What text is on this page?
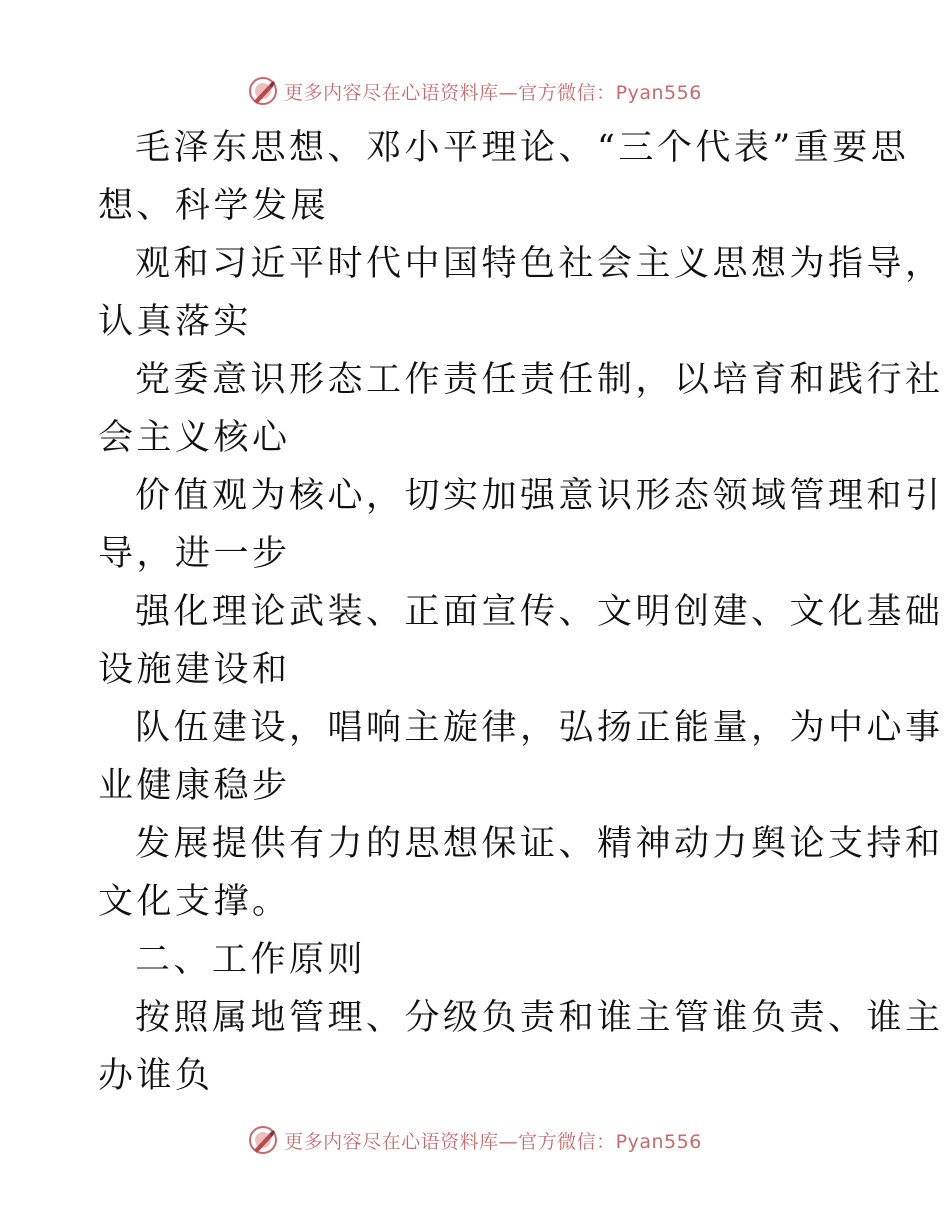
更多内容尽在心语资料库—官方微信：Pyan556
毛泽东思想、邓小平理论、“三个代表”重要思
想、科学发展
观和习近平时代中国特色社会主义思想为指导，
认真落实
党委意识形态工作责任责任制，以培育和践行社
会主义核心
价值观为核心，切实加强意识形态领域管理和引
导，进一步
强化理论武装、正面宣传、文明创建、文化基础
设施建设和
队伍建设，唱响主旋律，弘扬正能量，为中心事
业健康稳步
发展提供有力的思想保证、精神动力舆论支持和
文化支撑。
二、工作原则
按照属地管理、分级负责和谁主管谁负责、谁主
办谁负
更多内容尽在心语资料库—官方微信：Pyan556
